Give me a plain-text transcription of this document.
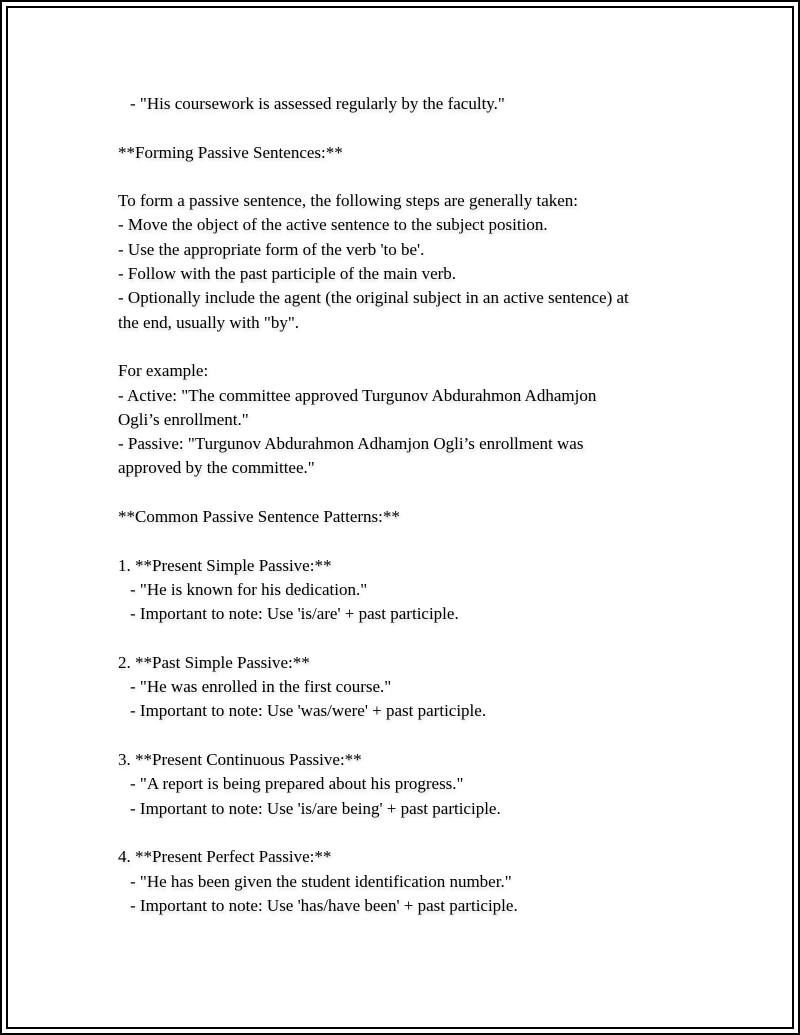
- "His coursework is assessed regularly by the faculty."
**Forming Passive Sentences:**
To form a passive sentence, the following steps are generally taken:
- Move the object of the active sentence to the subject position.
- Use the appropriate form of the verb 'to be'.
- Follow with the past participle of the main verb.
- Optionally include the agent (the original subject in an active sentence) at
the end, usually with "by".
For example:
- Active: "The committee approved Turgunov Abdurahmon Adhamjon
Ogli’s enrollment."
- Passive: "Turgunov Abdurahmon Adhamjon Ogli’s enrollment was
approved by the committee."
**Common Passive Sentence Patterns:**
1. **Present Simple Passive:**
- "He is known for his dedication."
- Important to note: Use 'is/are' + past participle.
2. **Past Simple Passive:**
- "He was enrolled in the first course."
- Important to note: Use 'was/were' + past participle.
3. **Present Continuous Passive:**
- "A report is being prepared about his progress."
- Important to note: Use 'is/are being' + past participle.
4. **Present Perfect Passive:**
- "He has been given the student identification number."
- Important to note: Use 'has/have been' + past participle.
